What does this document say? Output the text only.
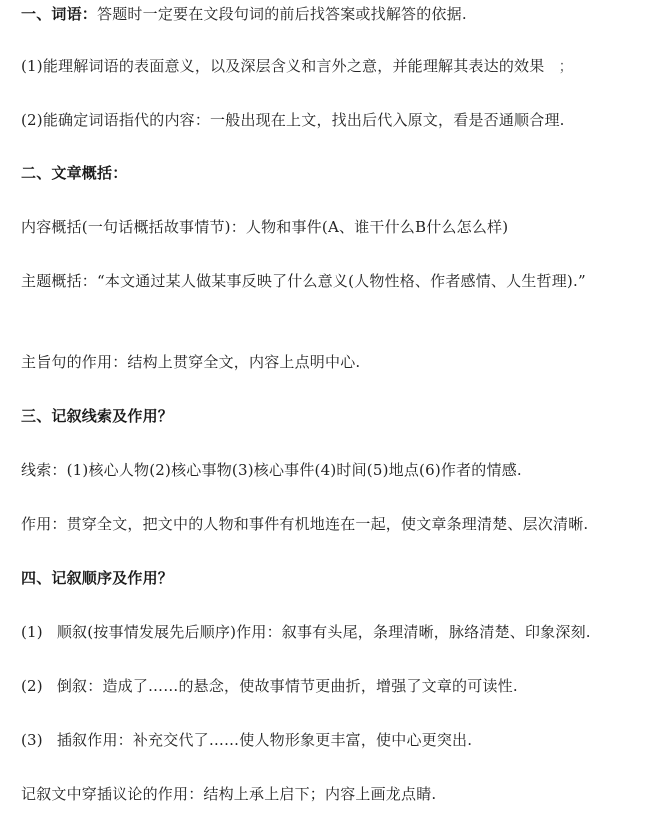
一、词语：答题时一定要在文段句词的前后找答案或找解答的依据.
(1)能理解词语的表面意义，以及深层含义和言外之意，并能理解其表达的效果 ；
(2)能确定词语指代的内容：一般出现在上文，找出后代入原文，看是否通顺合理.
二、文章概括：
内容概括(一句话概括故事情节)：人物和事件(A、谁干什么B什么怎么样)
主题概括：“本文通过某人做某事反映了什么意义(人物性格、作者感情、人生哲理).”
主旨句的作用：结构上贯穿全文，内容上点明中心.
三、记叙线索及作用？
线索：(1)核心人物(2)核心事物(3)核心事件(4)时间(5)地点(6)作者的情感.
作用：贯穿全文，把文中的人物和事件有机地连在一起，使文章条理清楚、层次清晰.
四、记叙顺序及作用？
(1) 顺叙(按事情发展先后顺序)作用：叙事有头尾，条理清晰，脉络清楚、印象深刻.
(2) 倒叙：造成了……的悬念，使故事情节更曲折，增强了文章的可读性.
(3) 插叙作用：补充交代了……使人物形象更丰富，使中心更突出.
记叙文中穿插议论的作用：结构上承上启下；内容上画龙点睛.
